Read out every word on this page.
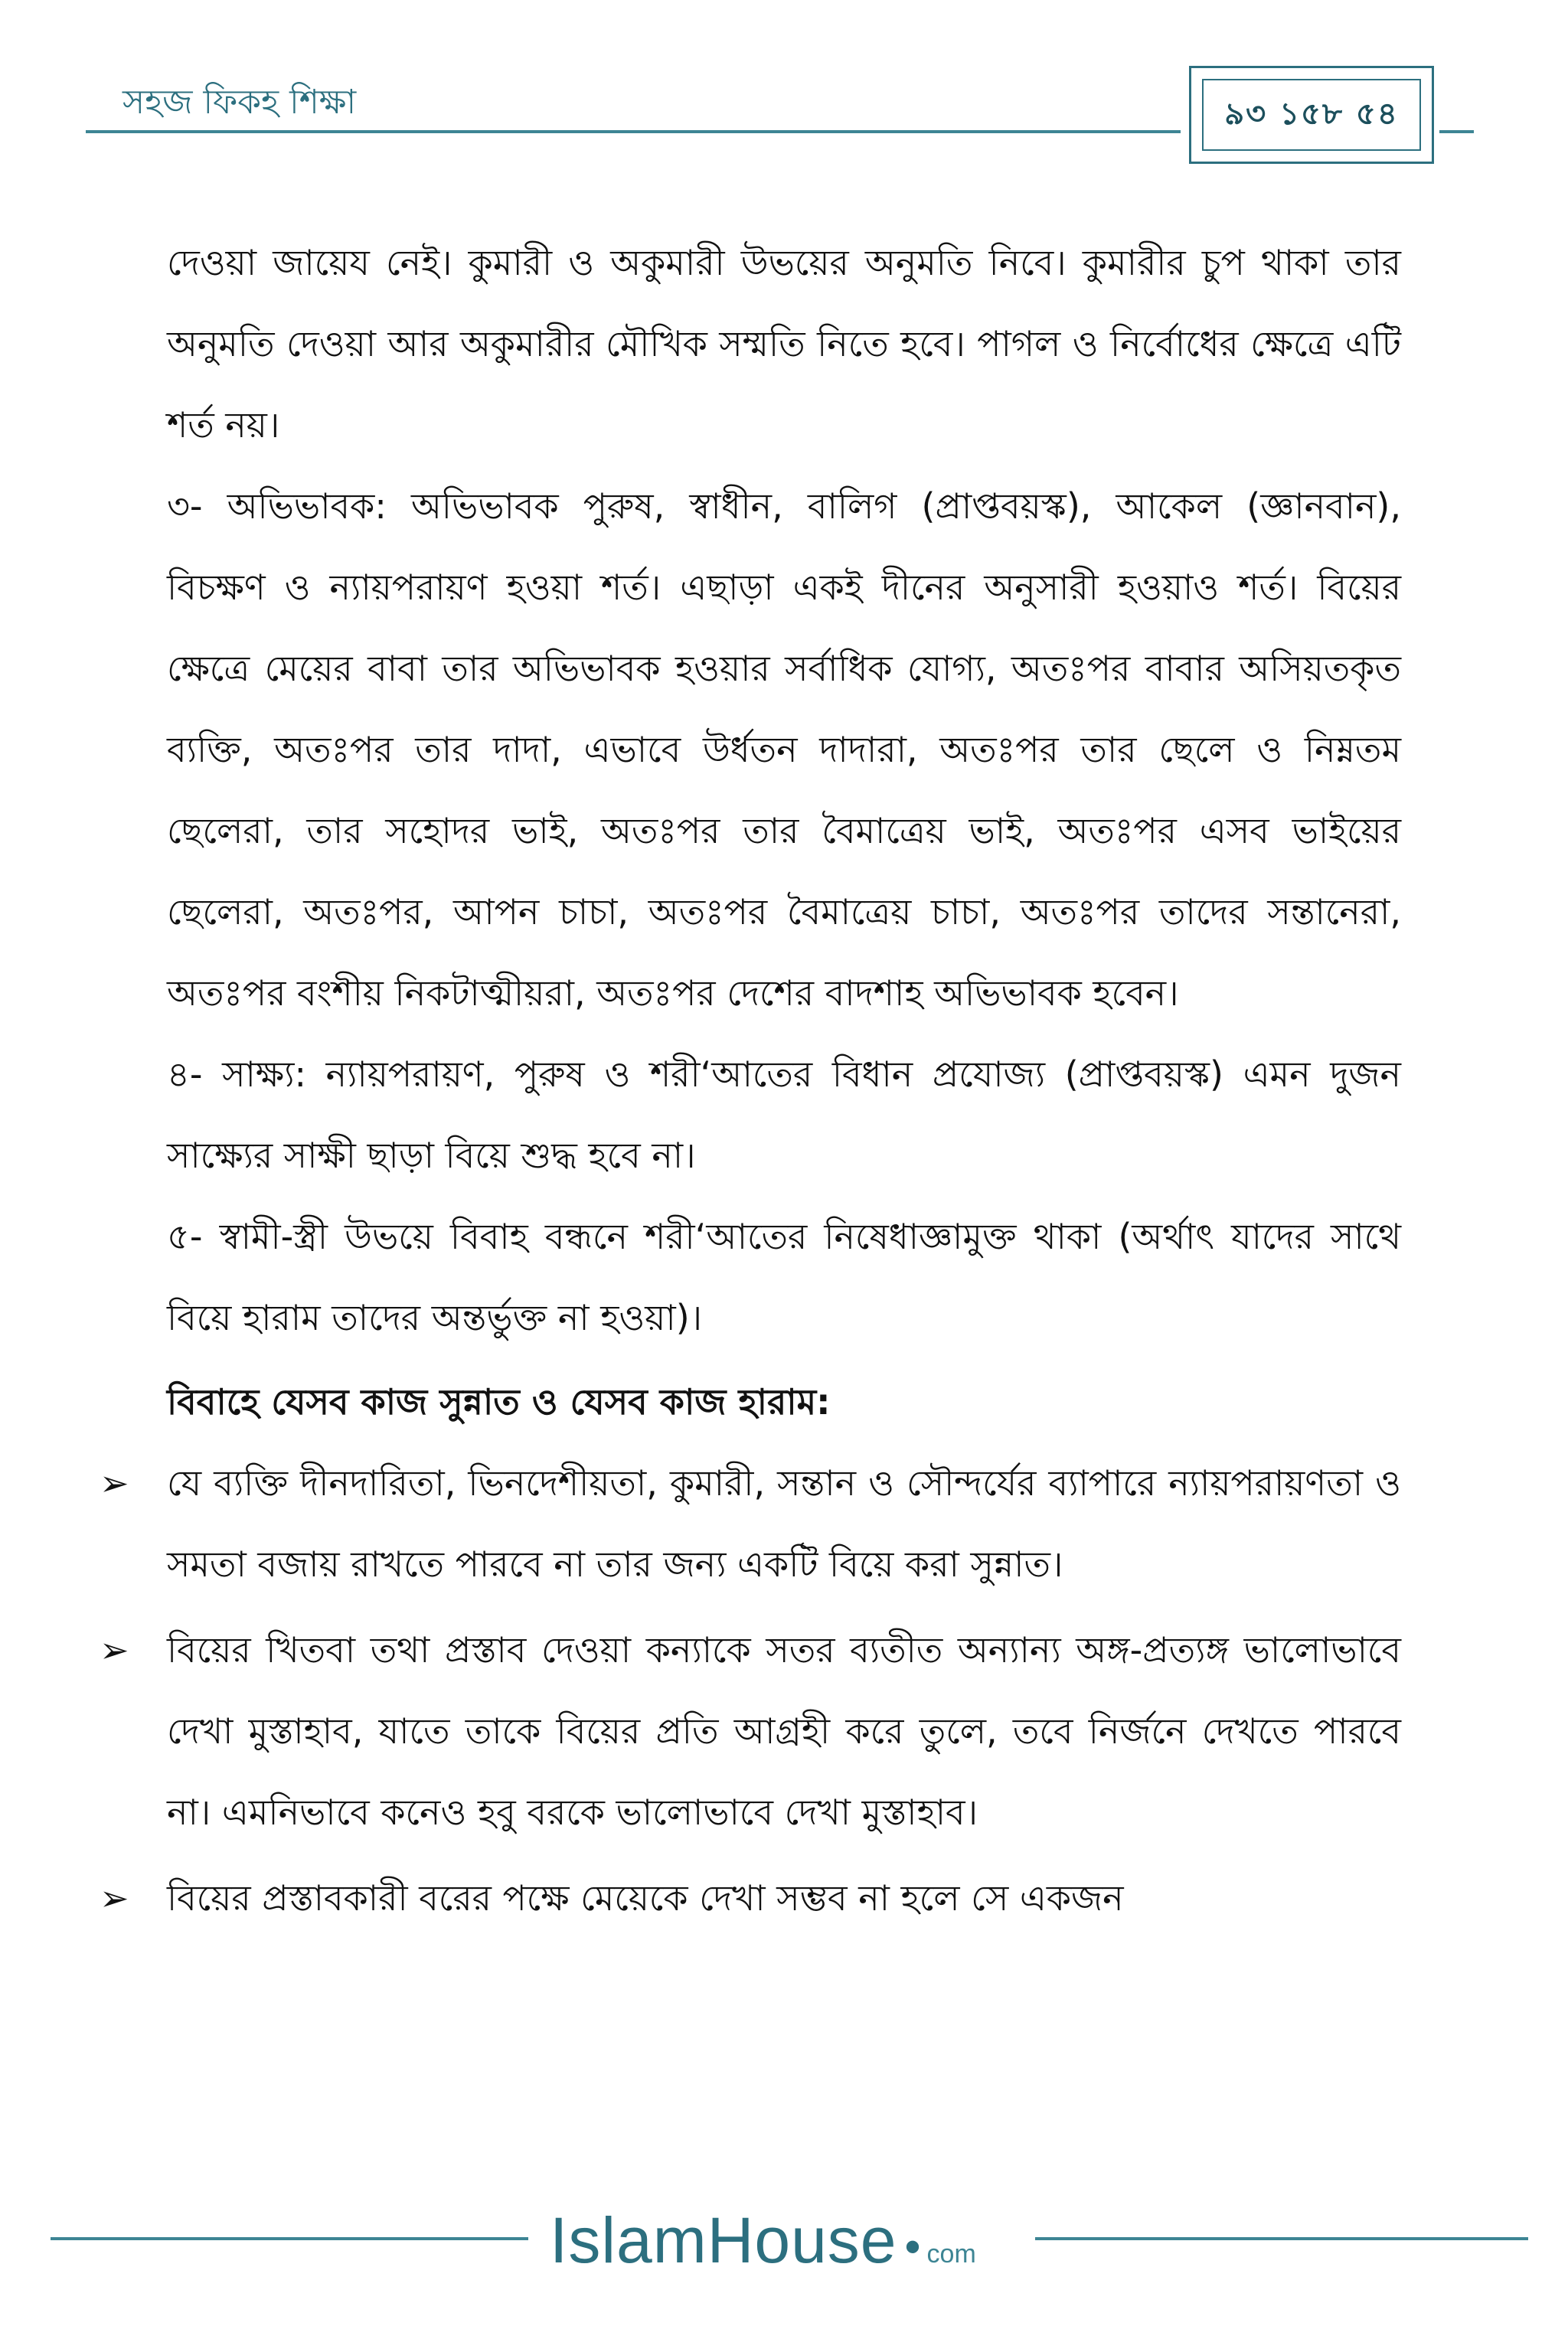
সহজ ফিকহ শিক্ষা	৯৩ ১৫৮ ৫৪

দেওয়া জায়েয নেই। কুমারী ও অকুমারী উভয়ের অনুমতি নিবে। কুমারীর চুপ থাকা তার অনুমতি দেওয়া আর অকুমারীর মৌখিক সম্মতি নিতে হবে। পাগল ও নির্বোধের ক্ষেত্রে এটি শর্ত নয়।

৩- অভিভাবক: অভিভাবক পুরুষ, স্বাধীন, বালিগ (প্রাপ্তবয়স্ক), আকেল (জ্ঞানবান), বিচক্ষণ ও ন্যায়পরায়ণ হওয়া শর্ত। এছাড়া একই দীনের অনুসারী হওয়াও শর্ত। বিয়ের ক্ষেত্রে মেয়ের বাবা তার অভিভাবক হওয়ার সর্বাধিক যোগ্য, অতঃপর বাবার অসিয়তকৃত ব্যক্তি, অতঃপর তার দাদা, এভাবে উর্ধতন দাদারা, অতঃপর তার ছেলে ও নিম্নতম ছেলেরা, তার সহোদর ভাই, অতঃপর তার বৈমাত্রেয় ভাই, অতঃপর এসব ভাইয়ের ছেলেরা, অতঃপর, আপন চাচা, অতঃপর বৈমাত্রেয় চাচা, অতঃপর তাদের সন্তানেরা, অতঃপর বংশীয় নিকটাত্মীয়রা, অতঃপর দেশের বাদশাহ অভিভাবক হবেন।

৪- সাক্ষ্য: ন্যায়পরায়ণ, পুরুষ ও শরী‘আতের বিধান প্রযোজ্য (প্রাপ্তবয়স্ক) এমন দুজন সাক্ষ্যের সাক্ষী ছাড়া বিয়ে শুদ্ধ হবে না।

৫- স্বামী-স্ত্রী উভয়ে বিবাহ বন্ধনে শরী‘আতের নিষেধাজ্ঞামুক্ত থাকা (অর্থাৎ যাদের সাথে বিয়ে হারাম তাদের অন্তর্ভুক্ত না হওয়া)।

বিবাহে যেসব কাজ সুন্নাত ও যেসব কাজ হারাম:

➢ যে ব্যক্তি দীনদারিতা, ভিনদেশীয়তা, কুমারী, সন্তান ও সৌন্দর্যের ব্যাপারে ন্যায়পরায়ণতা ও সমতা বজায় রাখতে পারবে না তার জন্য একটি বিয়ে করা সুন্নাত।
➢ বিয়ের খিতবা তথা প্রস্তাব দেওয়া কন্যাকে সতর ব্যতীত অন্যান্য অঙ্গ-প্রত্যঙ্গ ভালোভাবে দেখা মুস্তাহাব, যাতে তাকে বিয়ের প্রতি আগ্রহী করে তুলে, তবে নির্জনে দেখতে পারবে না। এমনিভাবে কনেও হবু বরকে ভালোভাবে দেখা মুস্তাহাব।
➢ বিয়ের প্রস্তাবকারী বরের পক্ষে মেয়েকে দেখা সম্ভব না হলে সে একজন
IslamHouse • com
